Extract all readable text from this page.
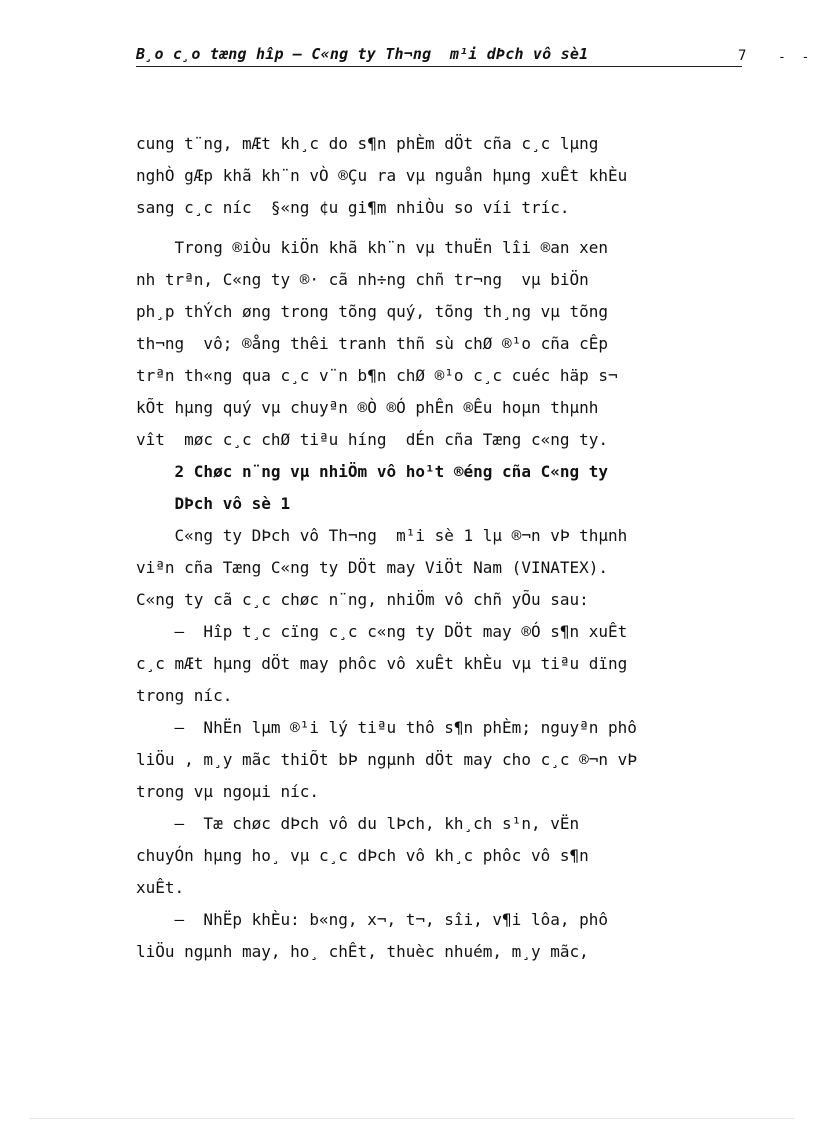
B¸o c¸o tæng hîp – C«ng ty Th¬ng  m¹i dÞch vô sè1	7 -  -
cung t¨ng, mÆt kh¸c do s¶n phÈm dÖt cña c¸c lµng
nghÒ gÆp khã kh¨n vÒ ®Çu ra vµ nguån hµng xuÊt khÈu
sang c¸c níc  §«ng ¢u gi¶m nhiÒu so víi tríc.
Trong ®iÒu kiÖn khã kh¨n vµ thuËn lîi ®an xen
nh trªn, C«ng ty ®· cã nh÷ng chñ tr¬ng  vµ biÖn
ph¸p thÝch øng trong tõng quý, tõng th¸ng vµ tõng
th¬ng  vô; ®ång thêi tranh thñ sù chØ ®¹o cña cÊp
trªn th«ng qua c¸c v¨n b¶n chØ ®¹o c¸c cuéc häp s¬
kÕt hµng quý vµ chuyªn ®Ò ®Ó phÊn ®Êu hoµn thµnh
vît  møc c¸c chØ tiªu híng  dÉn cña Tæng c«ng ty.
2 Chøc n¨ng vµ nhiÖm vô ho¹t ®éng cña C«ng ty
DÞch vô sè 1
C«ng ty DÞch vô Th¬ng  m¹i sè 1 lµ ®¬n vÞ thµnh
viªn cña Tæng C«ng ty DÖt may ViÖt Nam (VINATEX).
C«ng ty cã c¸c chøc n¨ng, nhiÖm vô chñ yÕu sau:
–  Hîp t¸c cïng c¸c c«ng ty DÖt may ®Ó s¶n xuÊt
c¸c mÆt hµng dÖt may phôc vô xuÊt khÈu vµ tiªu dïng
trong níc.
–  NhËn lµm ®¹i lý tiªu thô s¶n phÈm; nguyªn phô
liÖu , m¸y mãc thiÕt bÞ ngµnh dÖt may cho c¸c ®¬n vÞ
trong vµ ngoµi níc.
–  Tæ chøc dÞch vô du lÞch, kh¸ch s¹n, vËn
chuyÓn hµng ho¸ vµ c¸c dÞch vô kh¸c phôc vô s¶n
xuÊt.
–  NhËp khÈu: b«ng, x¬, t¬, sîi, v¶i lôa, phô
liÖu ngµnh may, ho¸ chÊt, thuèc nhuém, m¸y mãc,
